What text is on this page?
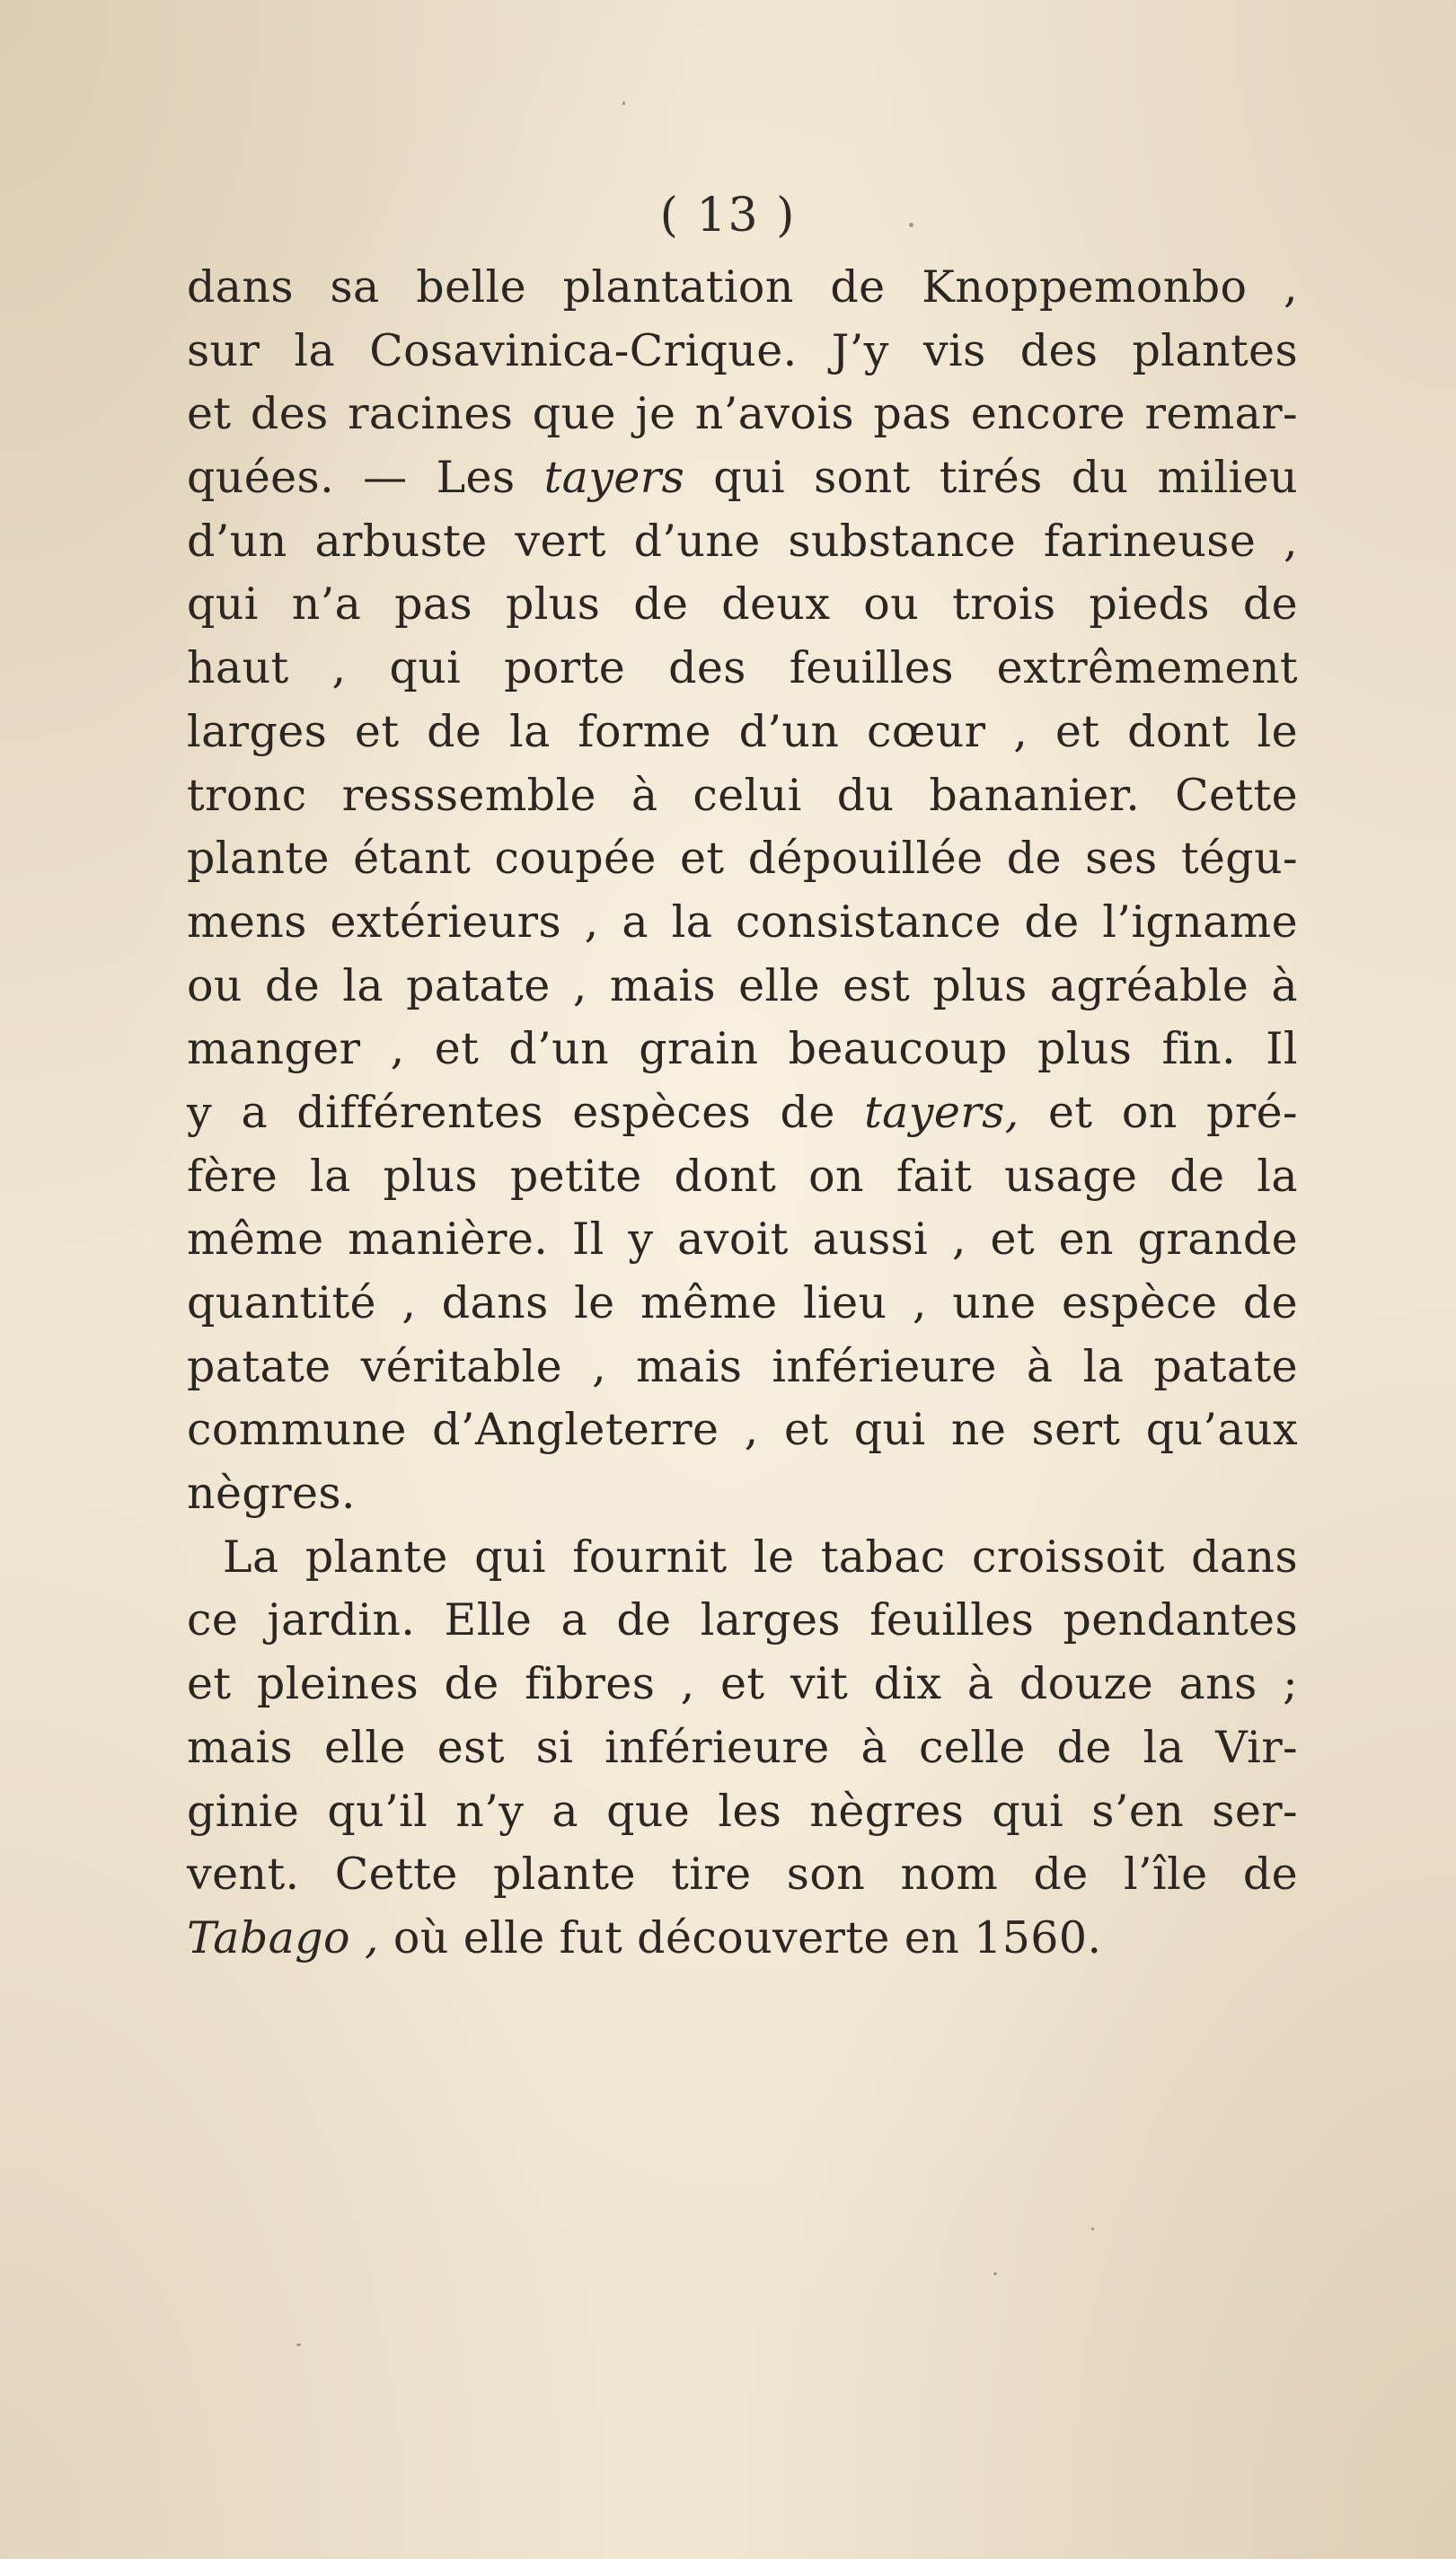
( 13 )
dans sa belle plantation de Knoppemonbo ,
sur la Cosavinica-Crique. J’y vis des plantes
et des racines que je n’avois pas encore remar-
quées. — Les tayers qui sont tirés du milieu
d’un arbuste vert d’une substance farineuse ,
qui n’a pas plus de deux ou trois pieds de
haut , qui porte des feuilles extrêmement
larges et de la forme d’un cœur , et dont le
tronc resssemble à celui du bananier. Cette
plante étant coupée et dépouillée de ses tégu-
mens extérieurs , a la consistance de l’igname
ou de la patate , mais elle est plus agréable à
manger , et d’un grain beaucoup plus fin. Il
y a différentes espèces de tayers, et on pré-
fère la plus petite dont on fait usage de la
même manière. Il y avoit aussi , et en grande
quantité , dans le même lieu , une espèce de
patate véritable , mais inférieure à la patate
commune d’Angleterre , et qui ne sert qu’aux
nègres.
La plante qui fournit le tabac croissoit dans
ce jardin. Elle a de larges feuilles pendantes
et pleines de fibres , et vit dix à douze ans ;
mais elle est si inférieure à celle de la Vir-
ginie qu’il n’y a que les nègres qui s’en ser-
vent. Cette plante tire son nom de l’île de
Tabago , où elle fut découverte en 1560.
